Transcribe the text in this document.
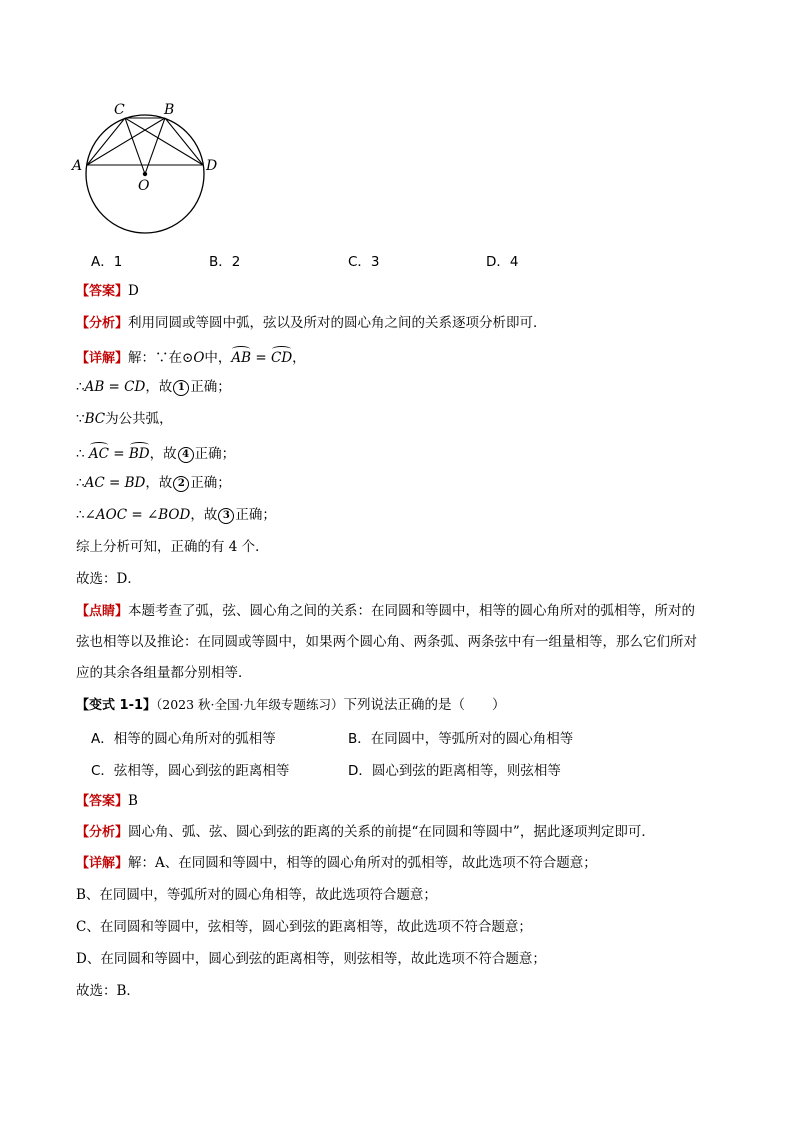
A
C	B
D
O
A．1	B．2	C．3	D．4
【答案】D
【分析】利用同圆或等圆中弧，弦以及所对的圆心角之间的关系逐项分析即可．
【详解】解：∵在⊙O中，AB = CD，
∴AB = CD，故 1 正确；
∵BC为公共弧，
∴ AC = BD，故 4 正确；
∴AC = BD，故 2 正确；
∴∠AOC = ∠BOD，故 3 正确；
综上分析可知，正确的有 4 个．
故选：D．
【点睛】本题考查了弧，弦、圆心角之间的关系：在同圆和等圆中，相等的圆心角所对的弧相等，所对的
弦也相等以及推论：在同圆或等圆中，如果两个圆心角、两条弧、两条弦中有一组量相等，那么它们所对
应的其余各组量都分别相等．
【变式 1-1】（2023 秋·全国·九年级专题练习）下列说法正确的是（　　）
A．相等的圆心角所对的弧相等	B．在同圆中，等弧所对的圆心角相等
C．弦相等，圆心到弦的距离相等	D．圆心到弦的距离相等，则弦相等
【答案】B
【分析】圆心角、弧、弦、圆心到弦的距离的关系的前提“在同圆和等圆中”，据此逐项判定即可．
【详解】解：A、在同圆和等圆中，相等的圆心角所对的弧相等，故此选项不符合题意；
B、在同圆中，等弧所对的圆心角相等，故此选项符合题意；
C、在同圆和等圆中，弦相等，圆心到弦的距离相等，故此选项不符合题意；
D、在同圆和等圆中，圆心到弦的距离相等，则弦相等，故此选项不符合题意；
故选：B．
